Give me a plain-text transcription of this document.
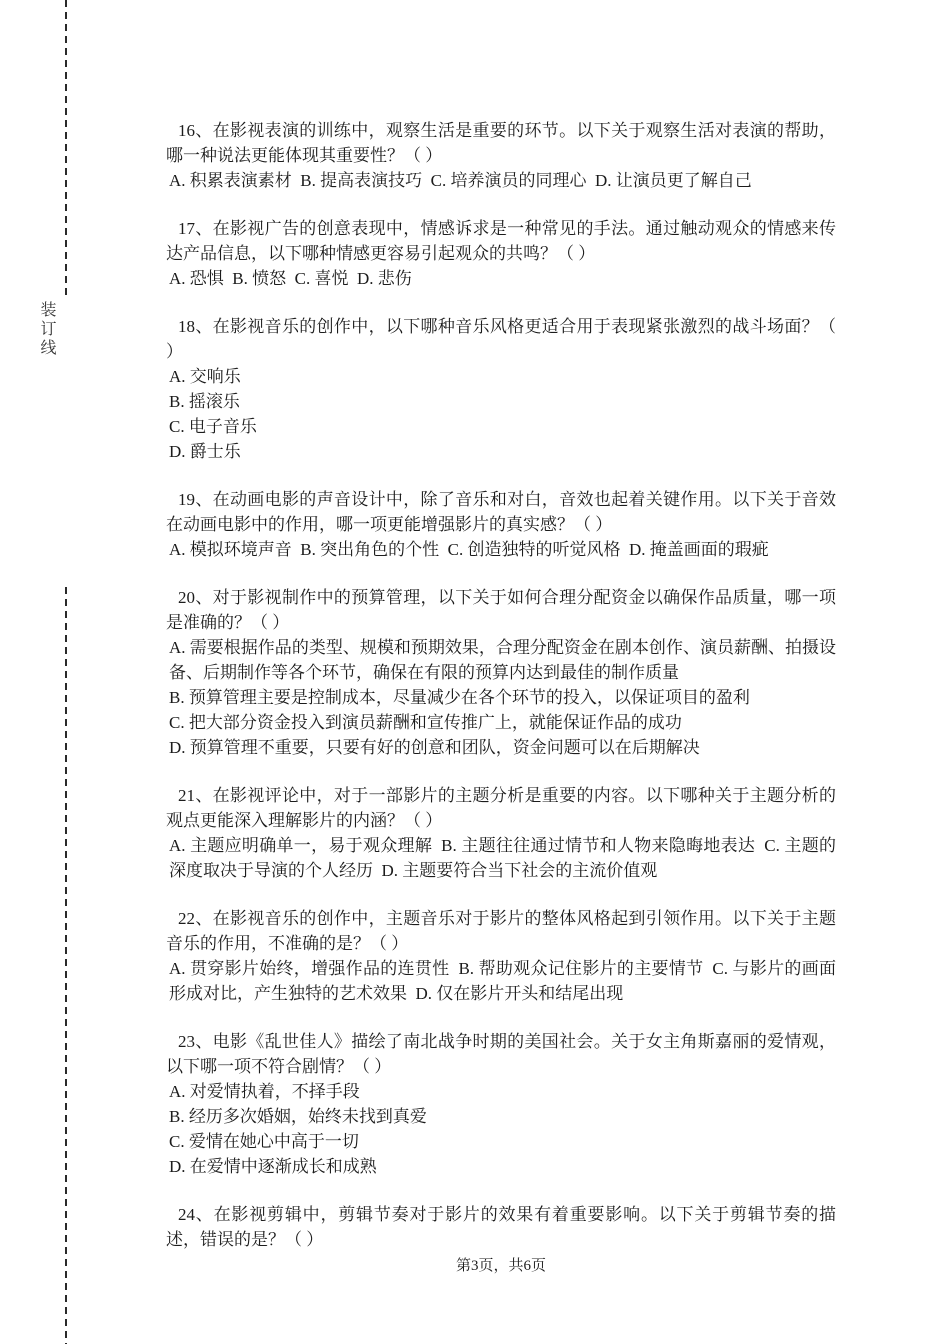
装订线

16、在影视表演的训练中，观察生活是重要的环节。以下关于观察生活对表演的帮助，哪一种说法更能体现其重要性？（ ）

A. 积累表演素材  B. 提高表演技巧  C. 培养演员的同理心  D. 让演员更了解自己

17、在影视广告的创意表现中，情感诉求是一种常见的手法。通过触动观众的情感来传达产品信息，以下哪种情感更容易引起观众的共鸣？（ ）

A. 恐惧  B. 愤怒  C. 喜悦  D. 悲伤

18、在影视音乐的创作中，以下哪种音乐风格更适合用于表现紧张激烈的战斗场面？（ ）

A. 交响乐

B. 摇滚乐

C. 电子音乐

D. 爵士乐

19、在动画电影的声音设计中，除了音乐和对白，音效也起着关键作用。以下关于音效在动画电影中的作用，哪一项更能增强影片的真实感？（ ）

A. 模拟环境声音  B. 突出角色的个性  C. 创造独特的听觉风格  D. 掩盖画面的瑕疵

20、对于影视制作中的预算管理，以下关于如何合理分配资金以确保作品质量，哪一项是准确的？（ ）

A. 需要根据作品的类型、规模和预期效果，合理分配资金在剧本创作、演员薪酬、拍摄设备、后期制作等各个环节，确保在有限的预算内达到最佳的制作质量

B. 预算管理主要是控制成本，尽量减少在各个环节的投入，以保证项目的盈利

C. 把大部分资金投入到演员薪酬和宣传推广上，就能保证作品的成功

D. 预算管理不重要，只要有好的创意和团队，资金问题可以在后期解决

21、在影视评论中，对于一部影片的主题分析是重要的内容。以下哪种关于主题分析的观点更能深入理解影片的内涵？（ ）

A. 主题应明确单一，易于观众理解  B. 主题往往通过情节和人物来隐晦地表达  C. 主题的深度取决于导演的个人经历  D. 主题要符合当下社会的主流价值观

22、在影视音乐的创作中，主题音乐对于影片的整体风格起到引领作用。以下关于主题音乐的作用，不准确的是？（ ）

A. 贯穿影片始终，增强作品的连贯性  B. 帮助观众记住影片的主要情节  C. 与影片的画面形成对比，产生独特的艺术效果  D. 仅在影片开头和结尾出现

23、电影《乱世佳人》描绘了南北战争时期的美国社会。关于女主角斯嘉丽的爱情观，以下哪一项不符合剧情？（ ）

A. 对爱情执着，不择手段

B. 经历多次婚姻，始终未找到真爱

C. 爱情在她心中高于一切

D. 在爱情中逐渐成长和成熟

24、在影视剪辑中，剪辑节奏对于影片的效果有着重要影响。以下关于剪辑节奏的描述，错误的是？（ ）

第3页，共6页
